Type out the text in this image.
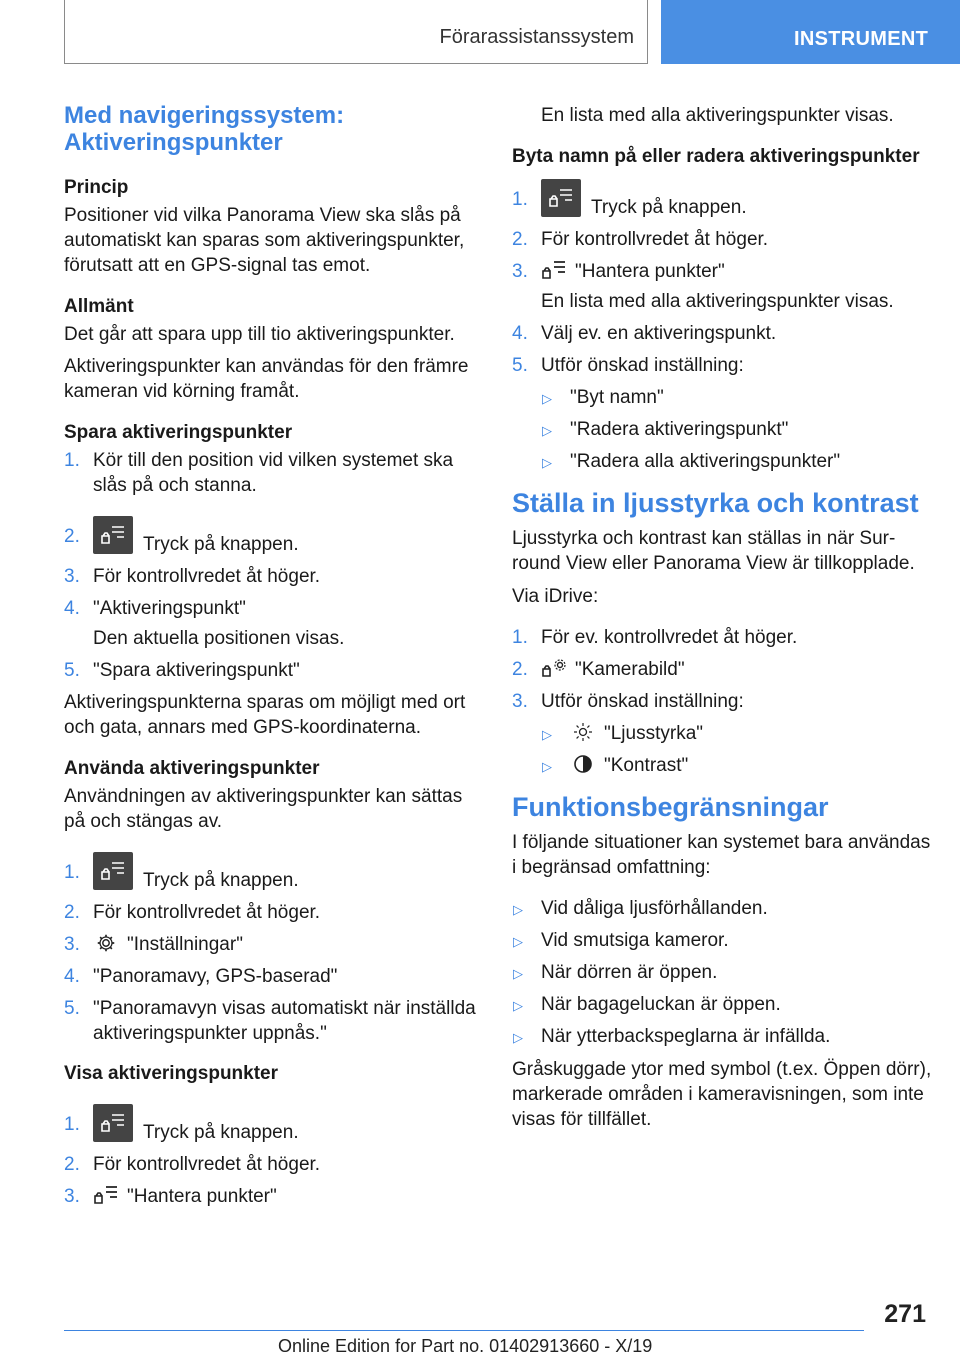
Förarassistanssystem	INSTRUMENT
Med navigeringssystem: Aktiveringspunkter
Princip

Positioner vid vilka Panorama View ska slås på automatiskt kan sparas som aktiveringspunkter, förutsatt att en GPS-signal tas emot.

Allmänt

Det går att spara upp till tio aktiveringspunkter.

Aktiveringspunkter kan användas för den främre kameran vid körning framåt.

Spara aktiveringspunkter
1. Kör till den position vid vilken systemet ska slås på och stanna.
2.	Tryck på knappen.
3. För kontrollvredet åt höger.
4. "Aktiveringspunkt"
Den aktuella positionen visas.
5. "Spara aktiveringspunkt"

Aktiveringspunkterna sparas om möjligt med ort och gata, annars med GPS-koordinaterna.

Använda aktiveringspunkter

Användningen av aktiveringspunkter kan sättas på och stängas av.

1.	Tryck på knappen.
2. För kontrollvredet åt höger.
3. "Inställningar"
4. "Panoramavy, GPS-baserad"
5. "Panoramavyn visas automatiskt när inställda aktiveringspunkter uppnås."
Visa aktiveringspunkter
1.	Tryck på knappen.
2. För kontrollvredet åt höger.
3. "Hantera punkter"
En lista med alla aktiveringspunkter visas.
Byta namn på eller radera aktiveringspunkter
1.	Tryck på knappen.
2. För kontrollvredet åt höger.
3. "Hantera punkter"
En lista med alla aktiveringspunkter visas.
4. Välj ev. en aktiveringspunkt.
5. Utför önskad inställning:
▷ "Byt namn"
▷ "Radera aktiveringspunkt"
▷ "Radera alla aktiveringspunkter"
Ställa in ljusstyrka och kontrast

Ljusstyrka och kontrast kan ställas in när Sur‐round View eller Panorama View är tillkopplade.

Via iDrive:

1. För ev. kontrollvredet åt höger.
2. "Kamerabild"
3. Utför önskad inställning:
▷	"Ljusstyrka"
▷	"Kontrast"
Funktionsbegränsningar

I följande situationer kan systemet bara användas i begränsad omfattning:

▷ Vid dåliga ljusförhållanden.
▷ Vid smutsiga kameror.
▷ När dörren är öppen.
▷ När bagageluckan är öppen.
▷ När ytterbackspeglarna är infällda.

Gråskuggade ytor med symbol (t.ex. Öppen dörr), markerade områden i kameravisningen, som inte visas för tillfället.

271
Online Edition for Part no. 01402913660 - X/19
